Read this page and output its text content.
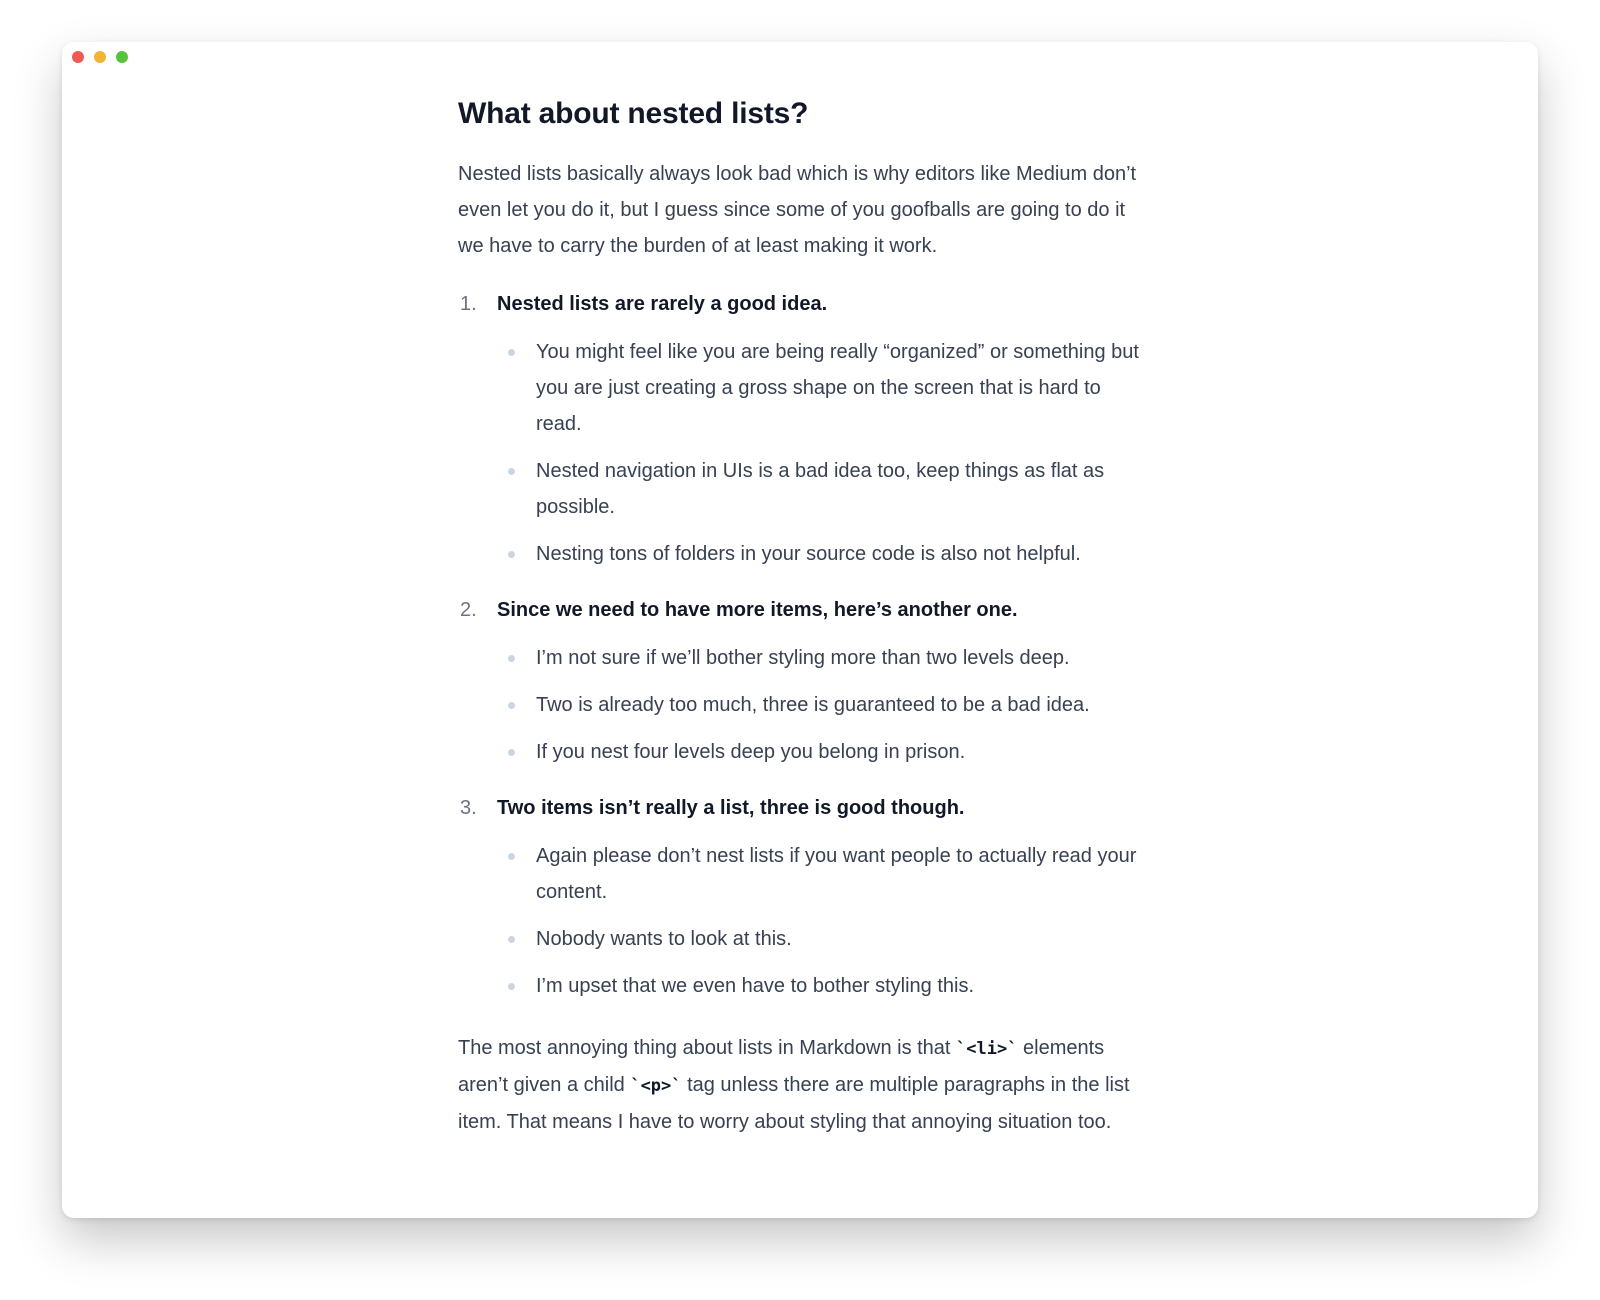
What about nested lists?

Nested lists basically always look bad which is why editors like Medium don’t even let you do it, but I guess since some of you goofballs are going to do it we have to carry the burden of at least making it work.

1. Nested lists are rarely a good idea.
You might feel like you are being really “organized” or something but you are just creating a gross shape on the screen that is hard to read.
Nested navigation in UIs is a bad idea too, keep things as flat as possible.
Nesting tons of folders in your source code is also not helpful.
2. Since we need to have more items, here’s another one.
I’m not sure if we’ll bother styling more than two levels deep.
Two is already too much, three is guaranteed to be a bad idea.
If you nest four levels deep you belong in prison.
3. Two items isn’t really a list, three is good though.
Again please don’t nest lists if you want people to actually read your content.
Nobody wants to look at this.
I’m upset that we even have to bother styling this.

The most annoying thing about lists in Markdown is that `<li>` elements aren’t given a child `<p>` tag unless there are multiple paragraphs in the list item. That means I have to worry about styling that annoying situation too.
